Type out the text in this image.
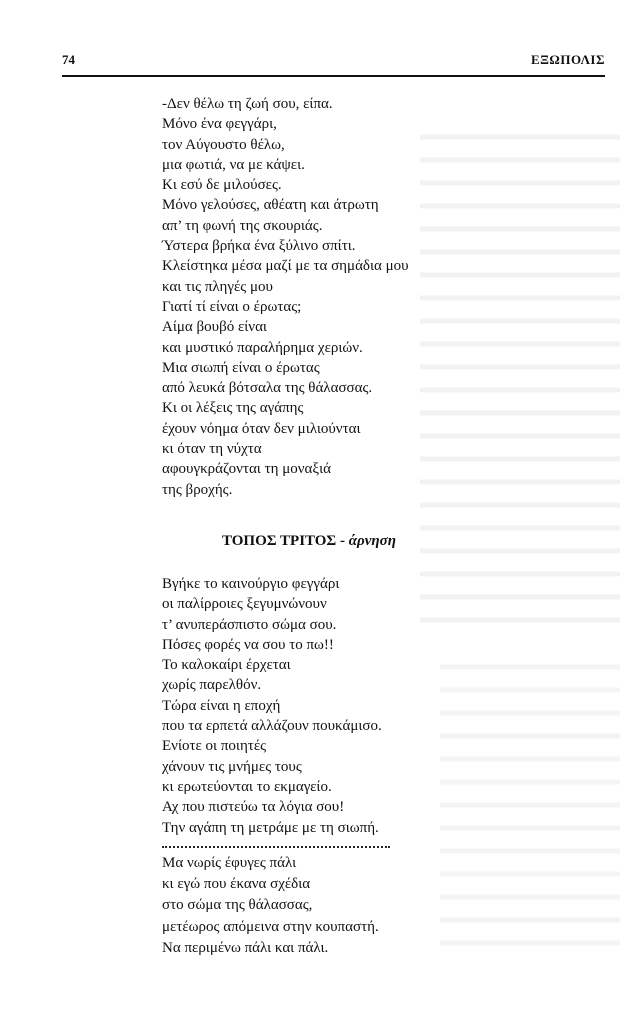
74	ΕΞΩΠΟΛΙΣ
-Δεν θέλω τη ζωή σου, είπα.
Μόνο ένα φεγγάρι,
τον Αύγουστο θέλω,
μια φωτιά, να με κάψει.
Κι εσύ δε μιλούσες.
Μόνο γελούσες, αθέατη και άτρωτη
απ’ τη φωνή της σκουριάς.
Ύστερα βρήκα ένα ξύλινο σπίτι.
Κλείστηκα μέσα μαζί με τα σημάδια μου
και τις πληγές μου
Γιατί τί είναι ο έρωτας;
Αίμα βουβό είναι
και μυστικό παραλήρημα χεριών.
Μια σιωπή είναι ο έρωτας
από λευκά βότσαλα της θάλασσας.
Κι οι λέξεις της αγάπης
έχουν νόημα όταν δεν μιλιούνται
κι όταν τη νύχτα
αφουγκράζονται τη μοναξιά
της βροχής.
ΤΟΠΟΣ ΤΡΙΤΟΣ - άρνηση
Βγήκε το καινούργιο φεγγάρι
οι παλίρροιες ξεγυμνώνουν
τ’ ανυπεράσπιστο σώμα σου.
Πόσες φορές να σου το πω!!
Το καλοκαίρι έρχεται
χωρίς παρελθόν.
Τώρα είναι η εποχή
που τα ερπετά αλλάζουν πουκάμισο.
Ενίοτε οι ποιητές
χάνουν τις μνήμες τους
κι ερωτεύονται το εκμαγείο.
Αχ που πιστεύω τα λόγια σου!
Την αγάπη τη μετράμε με τη σιωπή.
Μα νωρίς έφυγες πάλι
κι εγώ που έκανα σχέδια
στο σώμα της θάλασσας,
μετέωρος απόμεινα στην κουπαστή.
Να περιμένω πάλι και πάλι.
